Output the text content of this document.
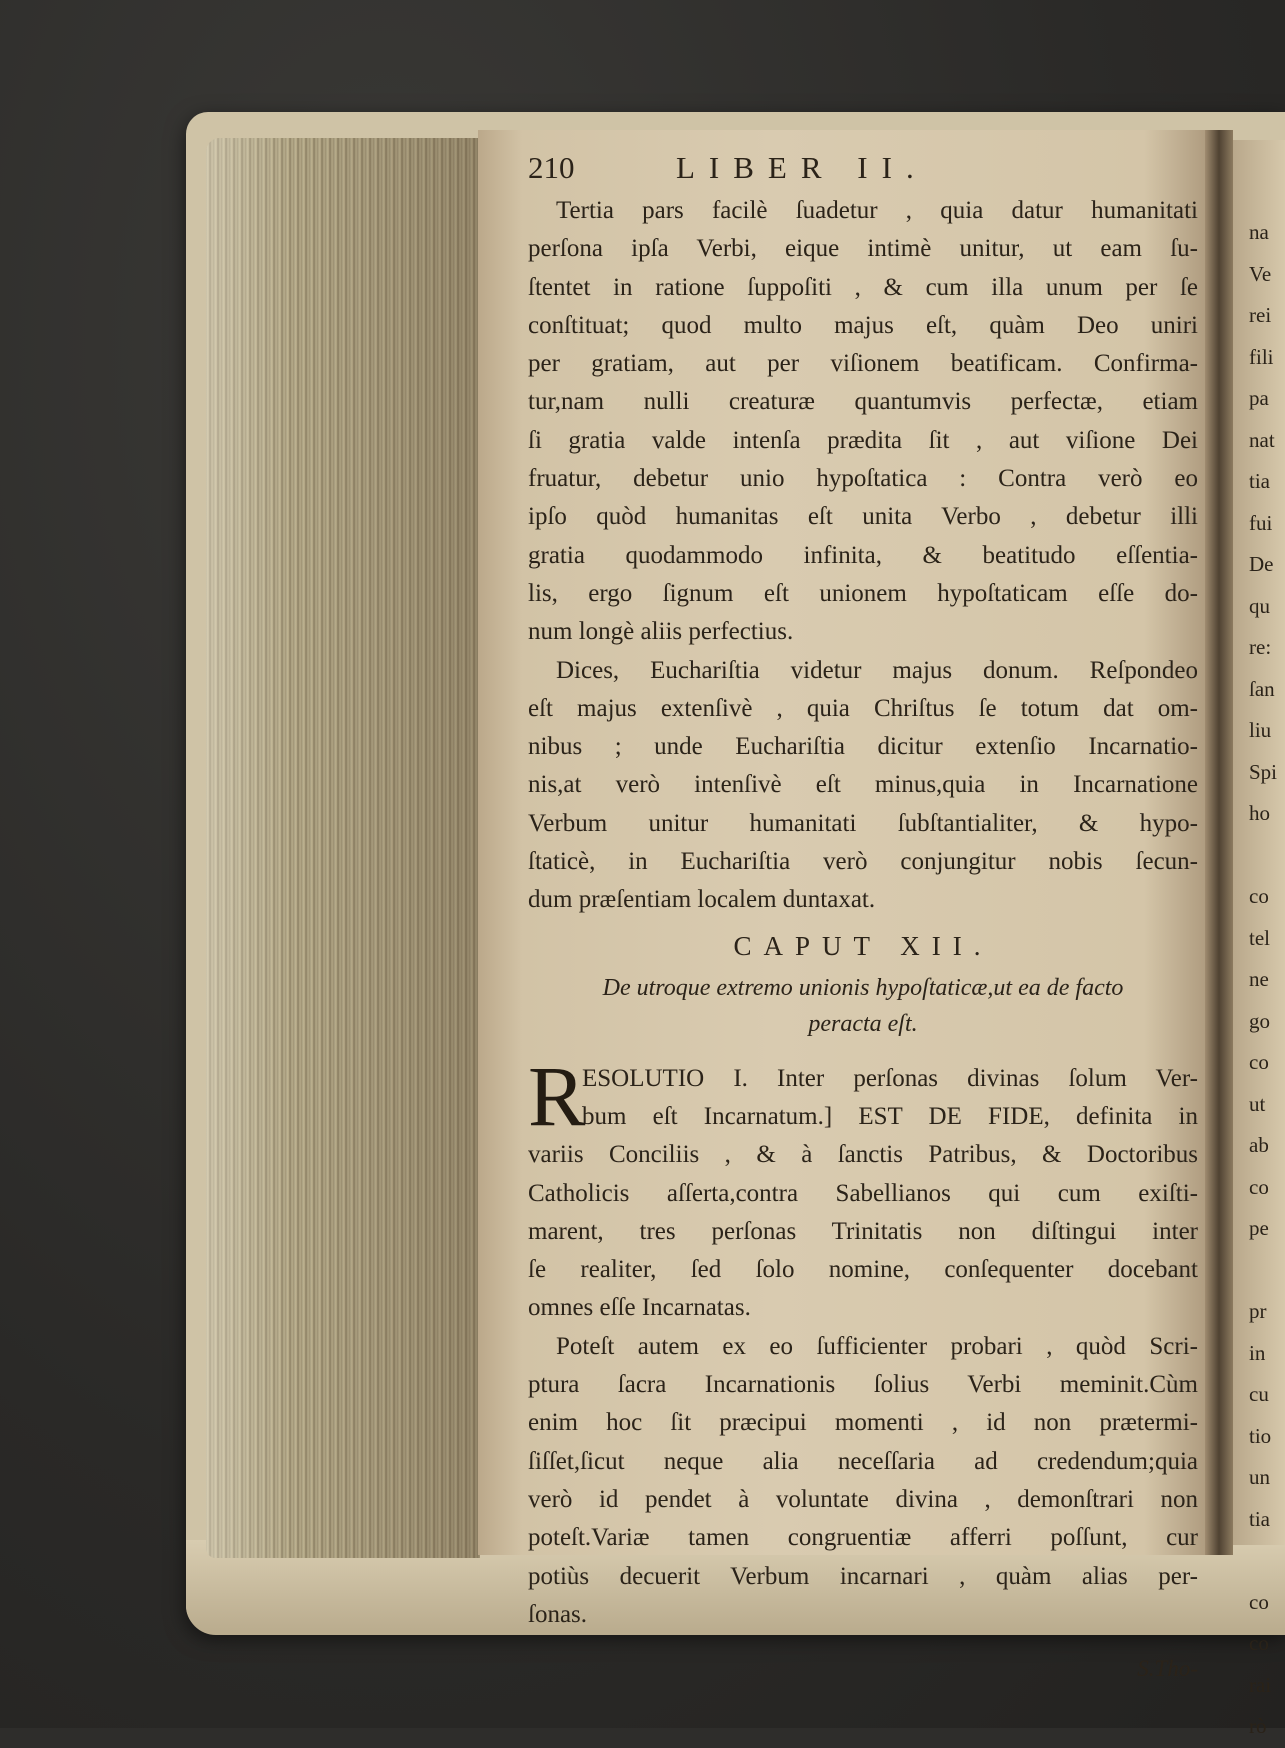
na
Ve
rei
fili
pa
nat
tia
fui
De
qu
re:
ſan
liu
Spi
ho
co
tel
ne
go
co
ut
ab
co
pe
pr
in
cu
tio
un
tia
co
co
rai
rò
210	LIBER II.
Tertia pars facilè ſuadetur , quia datur humanitati
perſona ipſa Verbi, eique intimè unitur, ut eam ſu-
ſtentet in ratione ſuppoſiti , & cum illa unum per ſe
conſtituat; quod multo majus eſt, quàm Deo uniri
per gratiam, aut per viſionem beatificam. Confirma-
tur,nam nulli creaturæ quantumvis perfectæ, etiam
ſi gratia valde intenſa prædita ſit , aut viſione Dei
fruatur, debetur unio hypoſtatica : Contra verò eo
ipſo quòd humanitas eſt unita Verbo , debetur illi
gratia quodammodo infinita, & beatitudo eſſentia-
lis, ergo ſignum eſt unionem hypoſtaticam eſſe do-
num longè aliis perfectius.
Dices, Euchariſtia videtur majus donum. Reſpondeo
eſt majus extenſivè , quia Chriſtus ſe totum dat om-
nibus ; unde Euchariſtia dicitur extenſio Incarnatio-
nis,at verò intenſivè eſt minus,quia in Incarnatione
Verbum unitur humanitati ſubſtantialiter, & hypo-
ſtaticè, in Euchariſtia verò conjungitur nobis ſecun-
dum præſentiam localem duntaxat.
CAPUT XII.
De utroque extremo unionis hypoſtaticæ,ut ea de facto
peracta eſt.
R
ESOLUTIO I. Inter perſonas divinas ſolum Ver-
bum eſt Incarnatum.] EST DE FIDE, definita in
variis Conciliis , & à ſanctis Patribus, & Doctoribus
Catholicis aſſerta,contra Sabellianos qui cum exiſti-
marent, tres perſonas Trinitatis non diſtingui inter
ſe realiter, ſed ſolo nomine, conſequenter docebant
omnes eſſe Incarnatas.
Poteſt autem ex eo ſufficienter probari , quòd Scri-
ptura ſacra Incarnationis ſolius Verbi meminit.Cùm
enim hoc ſit præcipui momenti , id non prætermi-
ſiſſet,ſicut neque alia neceſſaria ad credendum;quia
verò id pendet à voluntate divina , demonſtrari non
poteſt.Variæ tamen congruentiæ afferri poſſunt, cur
potiùs decuerit Verbum incarnari , quàm alias per-
ſonas.
S.Tho-
